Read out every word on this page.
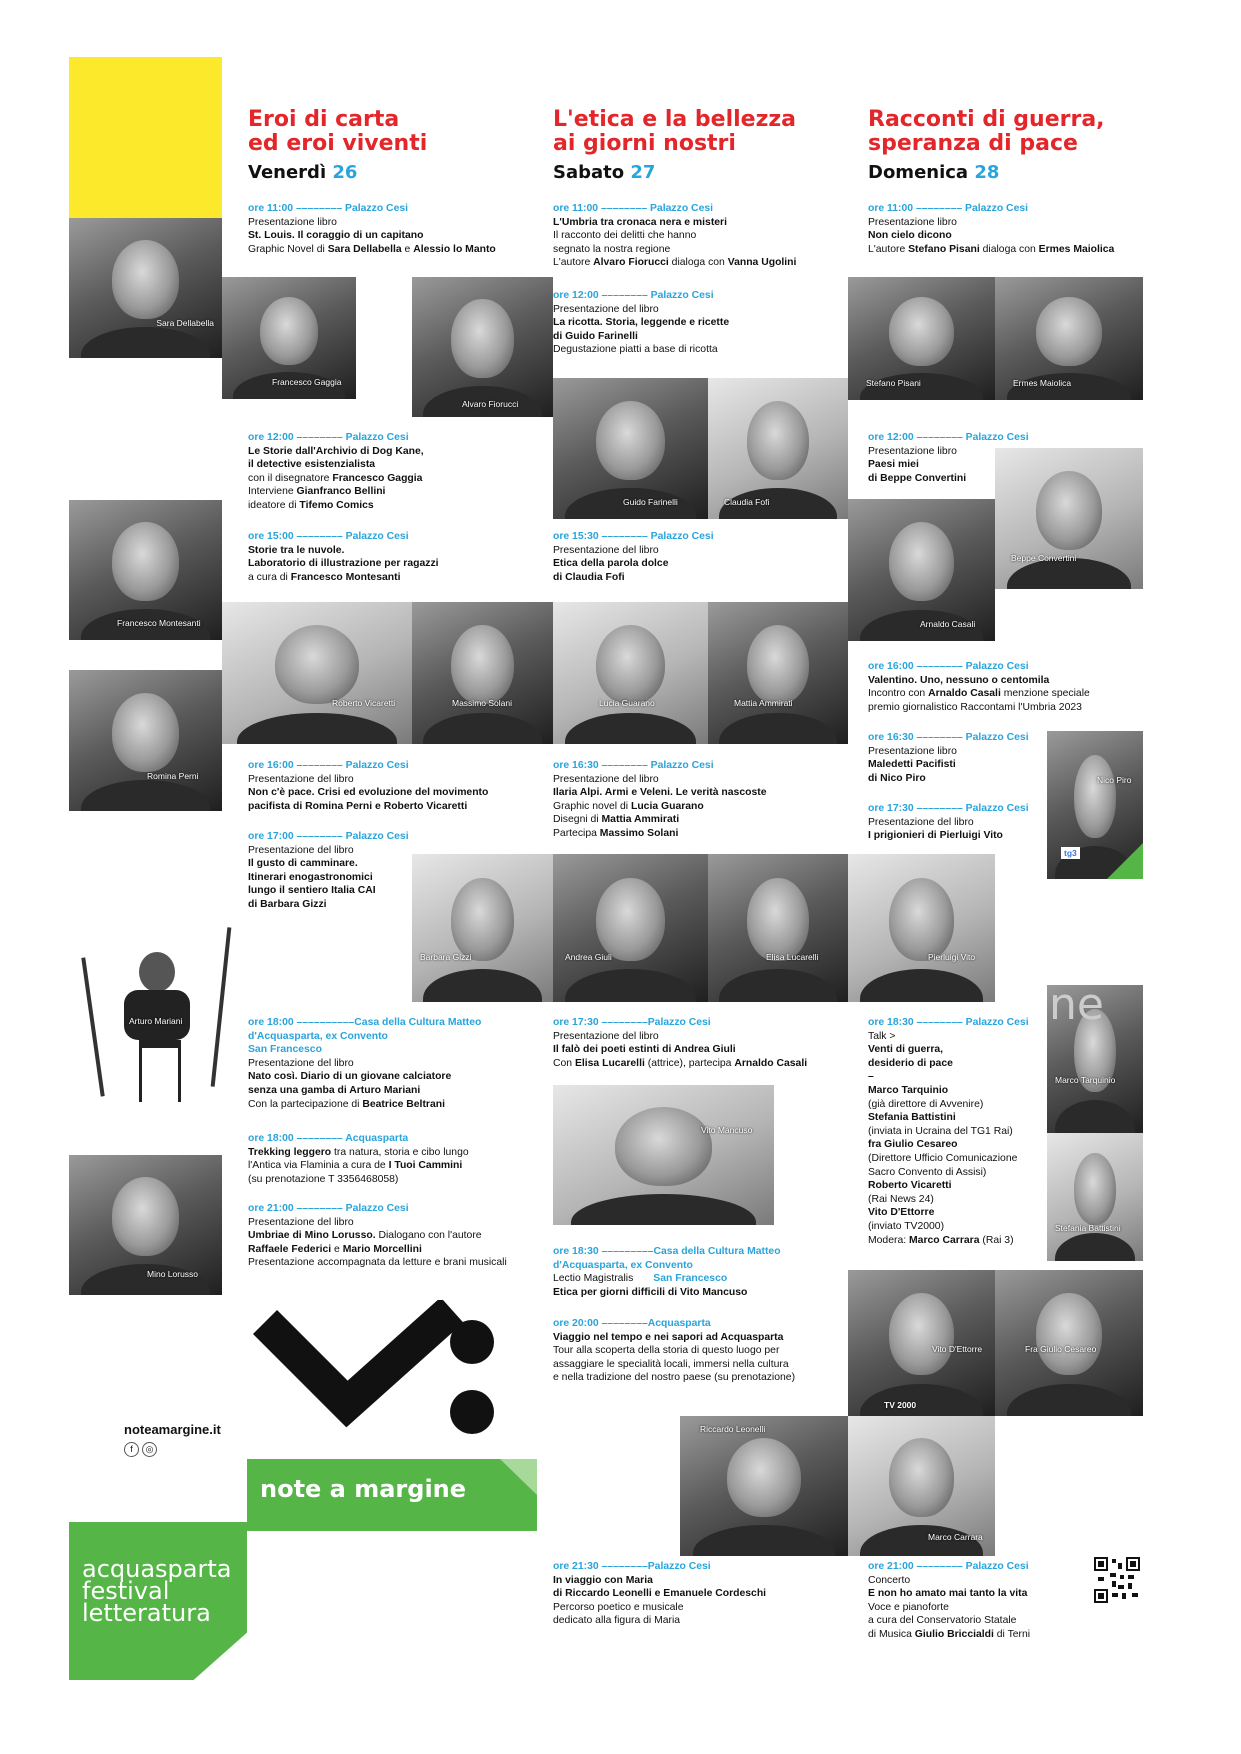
Eroi di carta
ed eroi viventi

Venerdì 26

L'etica e la bellezza
ai giorni nostri

Sabato 27

Racconti di guerra,
speranza di pace

Domenica 28
Sara Dellabella
Francesco Gaggia
Alvaro Fiorucci
Francesco Montesanti
Guido Farinelli	Claudia Fofi
Stefano Pisani	Ermes Maiolica
Beppe Convertini
Arnaldo Casali
Romina Perni
Roberto Vicaretti	Massimo Solani	Lucia Guarano	Mattia Ammirati
Nico Piro
tg3
Barbara Gizzi	Andrea Giuli	Elisa Lucarelli	Pierluigi Vito
Arturo Mariani
Marco Tarquinio
ne
Stefania Battistini
Vito Mancuso
Mino Lorusso
Vito D'Ettorre
TV 2000
Fra Giulio Cesareo
Riccardo Leonelli
Marco Carrara
ore 11:00 –––––––– Palazzo Cesi
Presentazione libro
St. Louis. Il coraggio di un capitano
Graphic Novel di Sara Dellabella e Alessio lo Manto
ore 12:00 –––––––– Palazzo Cesi
Le Storie dall'Archivio di Dog Kane,
il detective esistenzialista
con il disegnatore Francesco Gaggia
Interviene Gianfranco Bellini
ideatore di Tifemo Comics
ore 15:00 –––––––– Palazzo Cesi
Storie tra le nuvole.
Laboratorio di illustrazione per ragazzi
a cura di Francesco Montesanti
ore 16:00 –––––––– Palazzo Cesi
Presentazione del libro
Non c'è pace. Crisi ed evoluzione del movimento
pacifista di Romina Perni e Roberto Vicaretti
ore 17:00 –––––––– Palazzo Cesi
Presentazione del libro
Il gusto di camminare.
Itinerari enogastronomici
lungo il sentiero Italia CAI
di Barbara Gizzi
ore 18:00 ––––––––––Casa della Cultura Matteo
d'Acquasparta, ex Convento
San Francesco
Presentazione del libro
Nato così. Diario di un giovane calciatore
senza una gamba di Arturo Mariani
Con la partecipazione di Beatrice Beltrani
ore 18:00 –––––––– Acquasparta
Trekking leggero tra natura, storia e cibo lungo
l'Antica via Flaminia a cura de I Tuoi Cammini
(su prenotazione T 3356468058)
ore 21:00 –––––––– Palazzo Cesi
Presentazione del libro
Umbriae di Mino Lorusso. Dialogano con l'autore
Raffaele Federici e Mario Morcellini
Presentazione accompagnata da letture e brani musicali
ore 11:00 –––––––– Palazzo Cesi
L'Umbria tra cronaca nera e misteri
Il racconto dei delitti che hanno
segnato la nostra regione
L'autore Alvaro Fiorucci dialoga con Vanna Ugolini
ore 12:00 –––––––– Palazzo Cesi
Presentazione del libro
La ricotta. Storia, leggende e ricette
di Guido Farinelli
Degustazione piatti a base di ricotta
ore 15:30 –––––––– Palazzo Cesi
Presentazione del libro
Etica della parola dolce
di Claudia Fofi
ore 16:30 –––––––– Palazzo Cesi
Presentazione del libro
Ilaria Alpi. Armi e Veleni. Le verità nascoste
Graphic novel di Lucia Guarano
Disegni di Mattia Ammirati
Partecipa Massimo Solani
ore 17:30 ––––––––Palazzo Cesi
Presentazione del libro
Il falò dei poeti estinti di Andrea Giuli
Con Elisa Lucarelli (attrice), partecipa Arnaldo Casali
ore 18:30 –––––––––Casa della Cultura Matteo
d'Acquasparta, ex Convento
Lectio Magistralis San Francesco
Etica per giorni difficili di Vito Mancuso
ore 20:00 ––––––––Acquasparta
Viaggio nel tempo e nei sapori ad Acquasparta
Tour alla scoperta della storia di questo luogo per
assaggiare le specialità locali, immersi nella cultura
e nella tradizione del nostro paese (su prenotazione)
ore 21:30 ––––––––Palazzo Cesi
In viaggio con Maria
di Riccardo Leonelli e Emanuele Cordeschi
Percorso poetico e musicale
dedicato alla figura di Maria
ore 11:00 –––––––– Palazzo Cesi
Presentazione libro
Non cielo dicono
L'autore Stefano Pisani dialoga con Ermes Maiolica
ore 12:00 –––––––– Palazzo Cesi
Presentazione libro
Paesi miei
di Beppe Convertini
ore 16:00 –––––––– Palazzo Cesi
Valentino. Uno, nessuno o centomila
Incontro con Arnaldo Casali menzione speciale
premio giornalistico Raccontami l'Umbria 2023
ore 16:30 –––––––– Palazzo Cesi
Presentazione libro
Maledetti Pacifisti
di Nico Piro
ore 17:30 –––––––– Palazzo Cesi
Presentazione del libro
I prigionieri di Pierluigi Vito
ore 18:30 –––––––– Palazzo Cesi
Talk >
Venti di guerra,
desiderio di pace
–
Marco Tarquinio
(già direttore di Avvenire)
Stefania Battistini
(inviata in Ucraina del TG1 Rai)
fra Giulio Cesareo
(Direttore Ufficio Comunicazione
Sacro Convento di Assisi)
Roberto Vicaretti
(Rai News 24)
Vito D'Ettorre
(inviato TV2000)
Modera: Marco Carrara (Rai 3)
ore 21:00 –––––––– Palazzo Cesi
Concerto
E non ho amato mai tanto la vita
Voce e pianoforte
a cura del Conservatorio Statale
di Musica Giulio Briccialdi di Terni
noteamargine.it
f	◎
note a margine
acquasparta
festival
letteratura
